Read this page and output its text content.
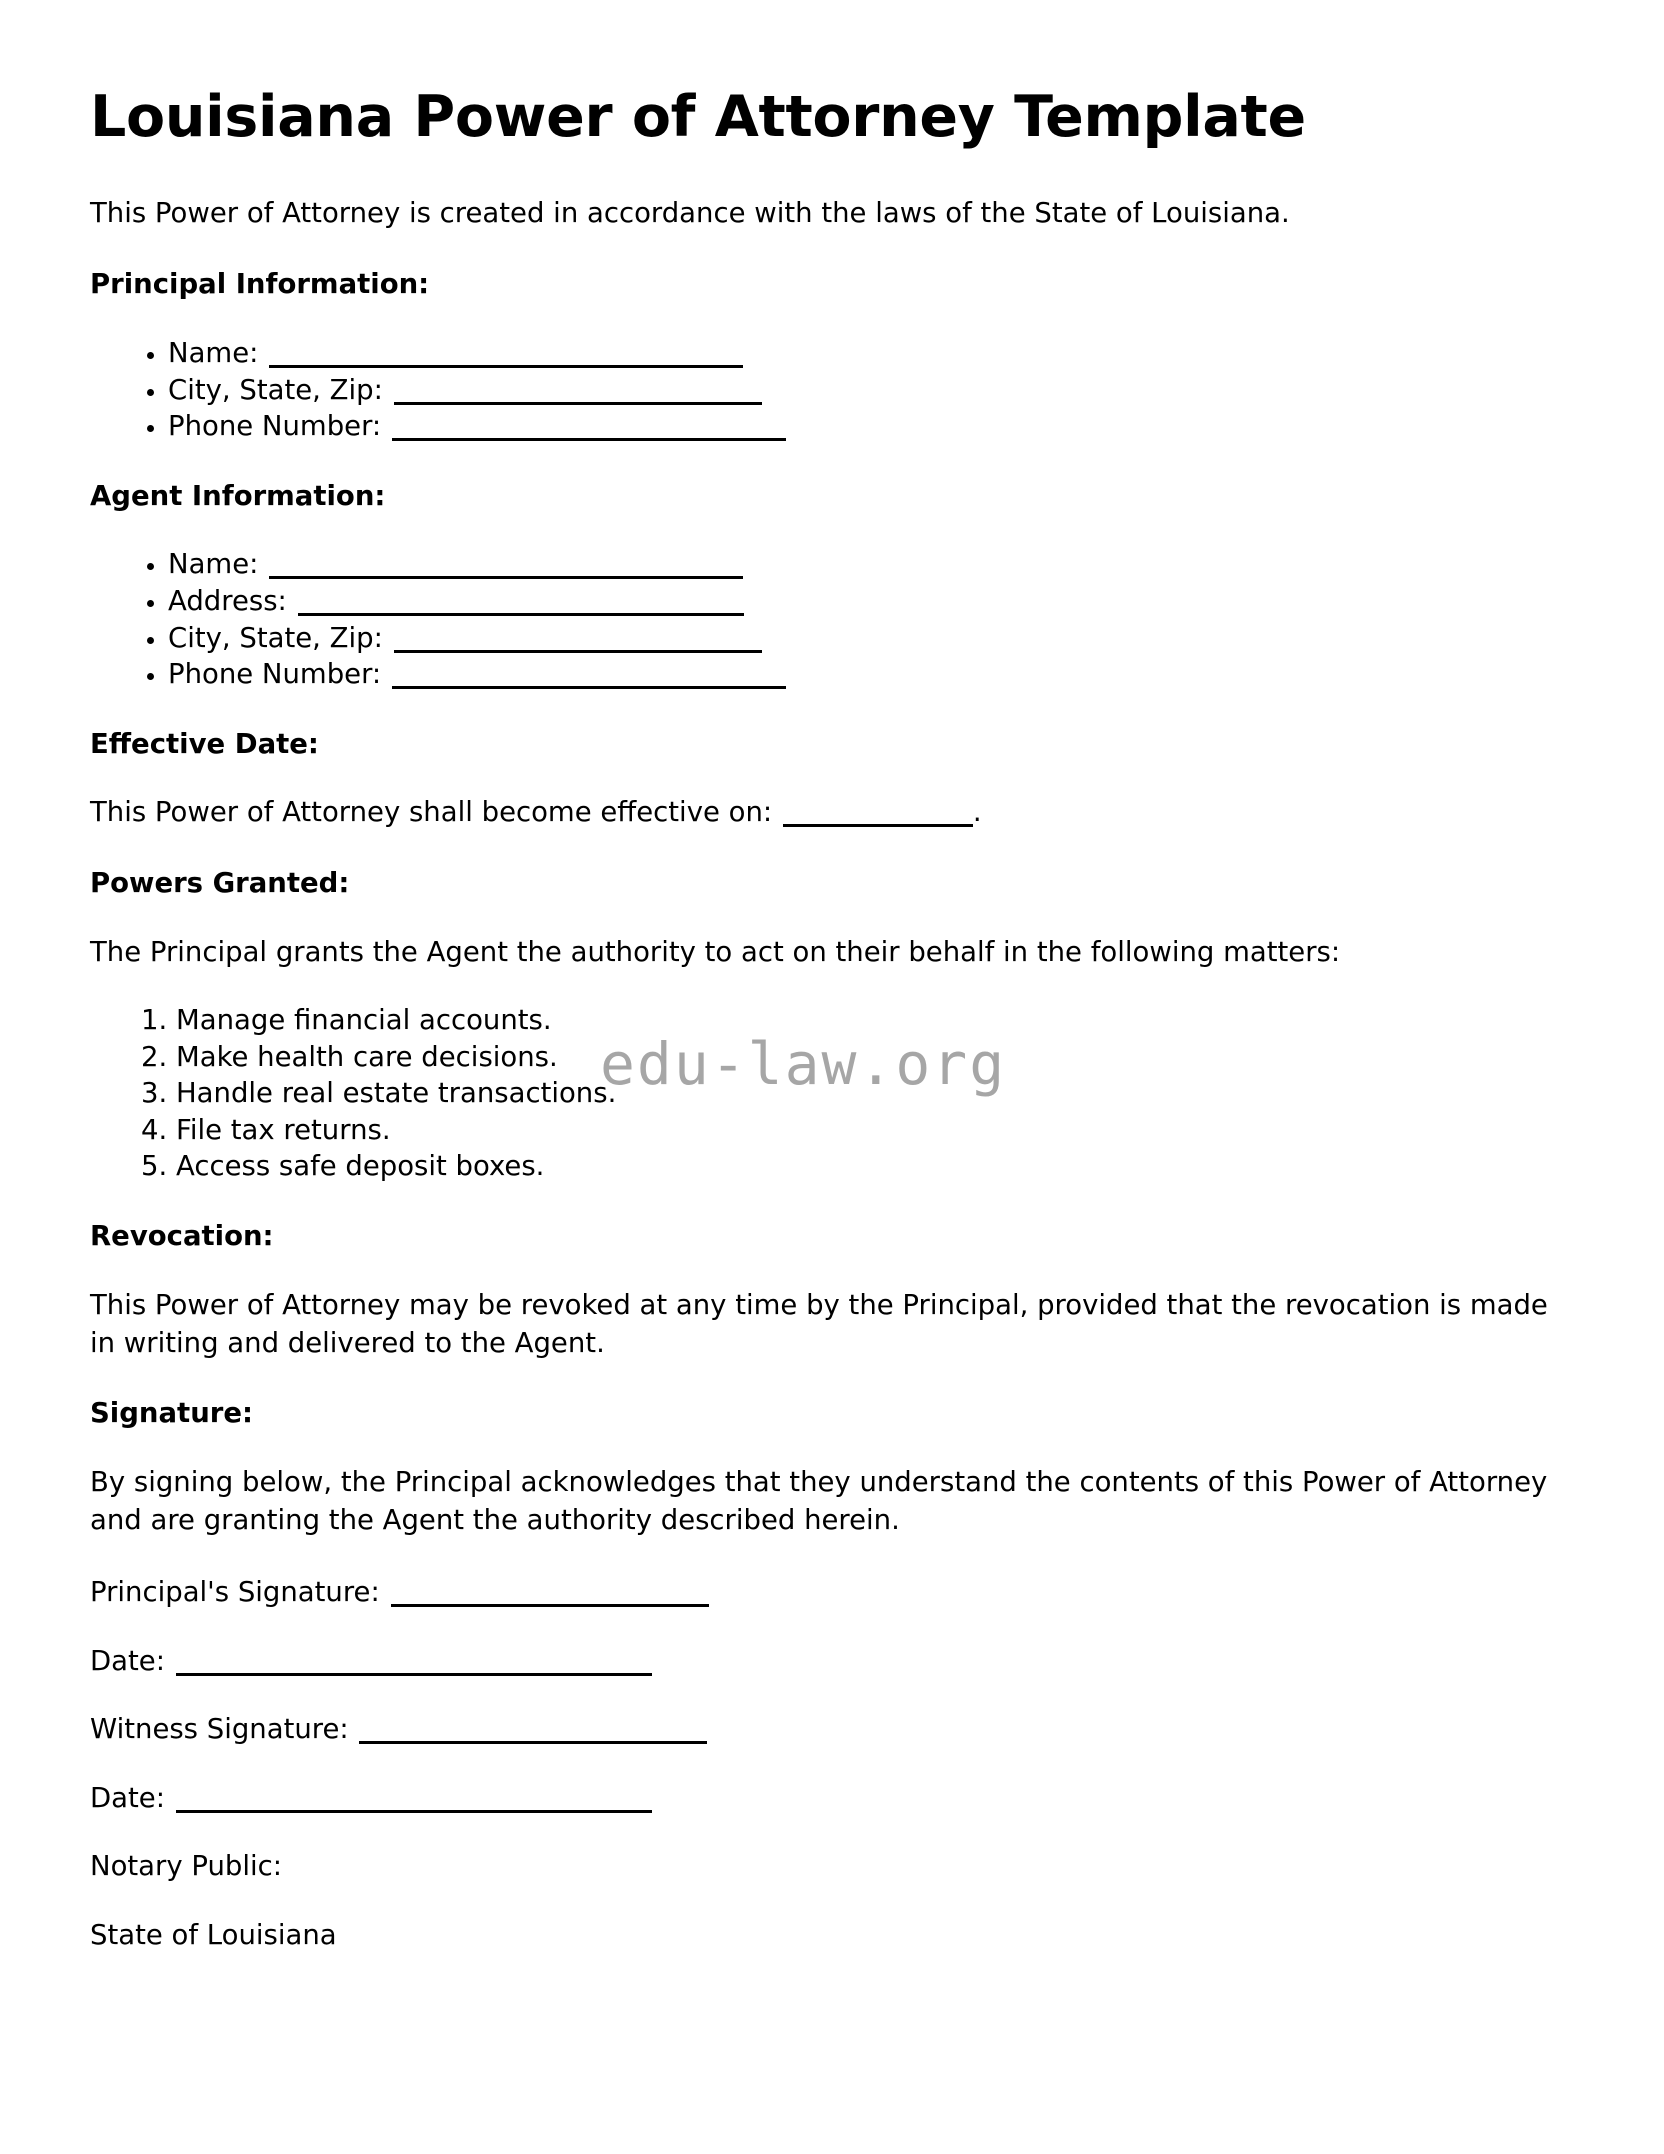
Louisiana Power of Attorney Template

This Power of Attorney is created in accordance with the laws of the State of Louisiana.

Principal Information:
• Name:
• City, State, Zip:
• Phone Number:
Agent Information:
• Name:
• Address:
• City, State, Zip:
• Phone Number:
Effective Date:

This Power of Attorney shall become effective on:	.

Powers Granted:

The Principal grants the Agent the authority to act on their behalf in the following matters:

1. Manage financial accounts.
2. Make health care decisions.
3. Handle real estate transactions.
4. File tax returns.
5. Access safe deposit boxes.
Revocation:

This Power of Attorney may be revoked at any time by the Principal, provided that the revocation is made in writing and delivered to the Agent.

Signature:

By signing below, the Principal acknowledges that they understand the contents of this Power of Attorney and are granting the Agent the authority described herein.

Principal's Signature:
Date:
Witness Signature:
Date:
Notary Public:
State of Louisiana
edu-law.org
